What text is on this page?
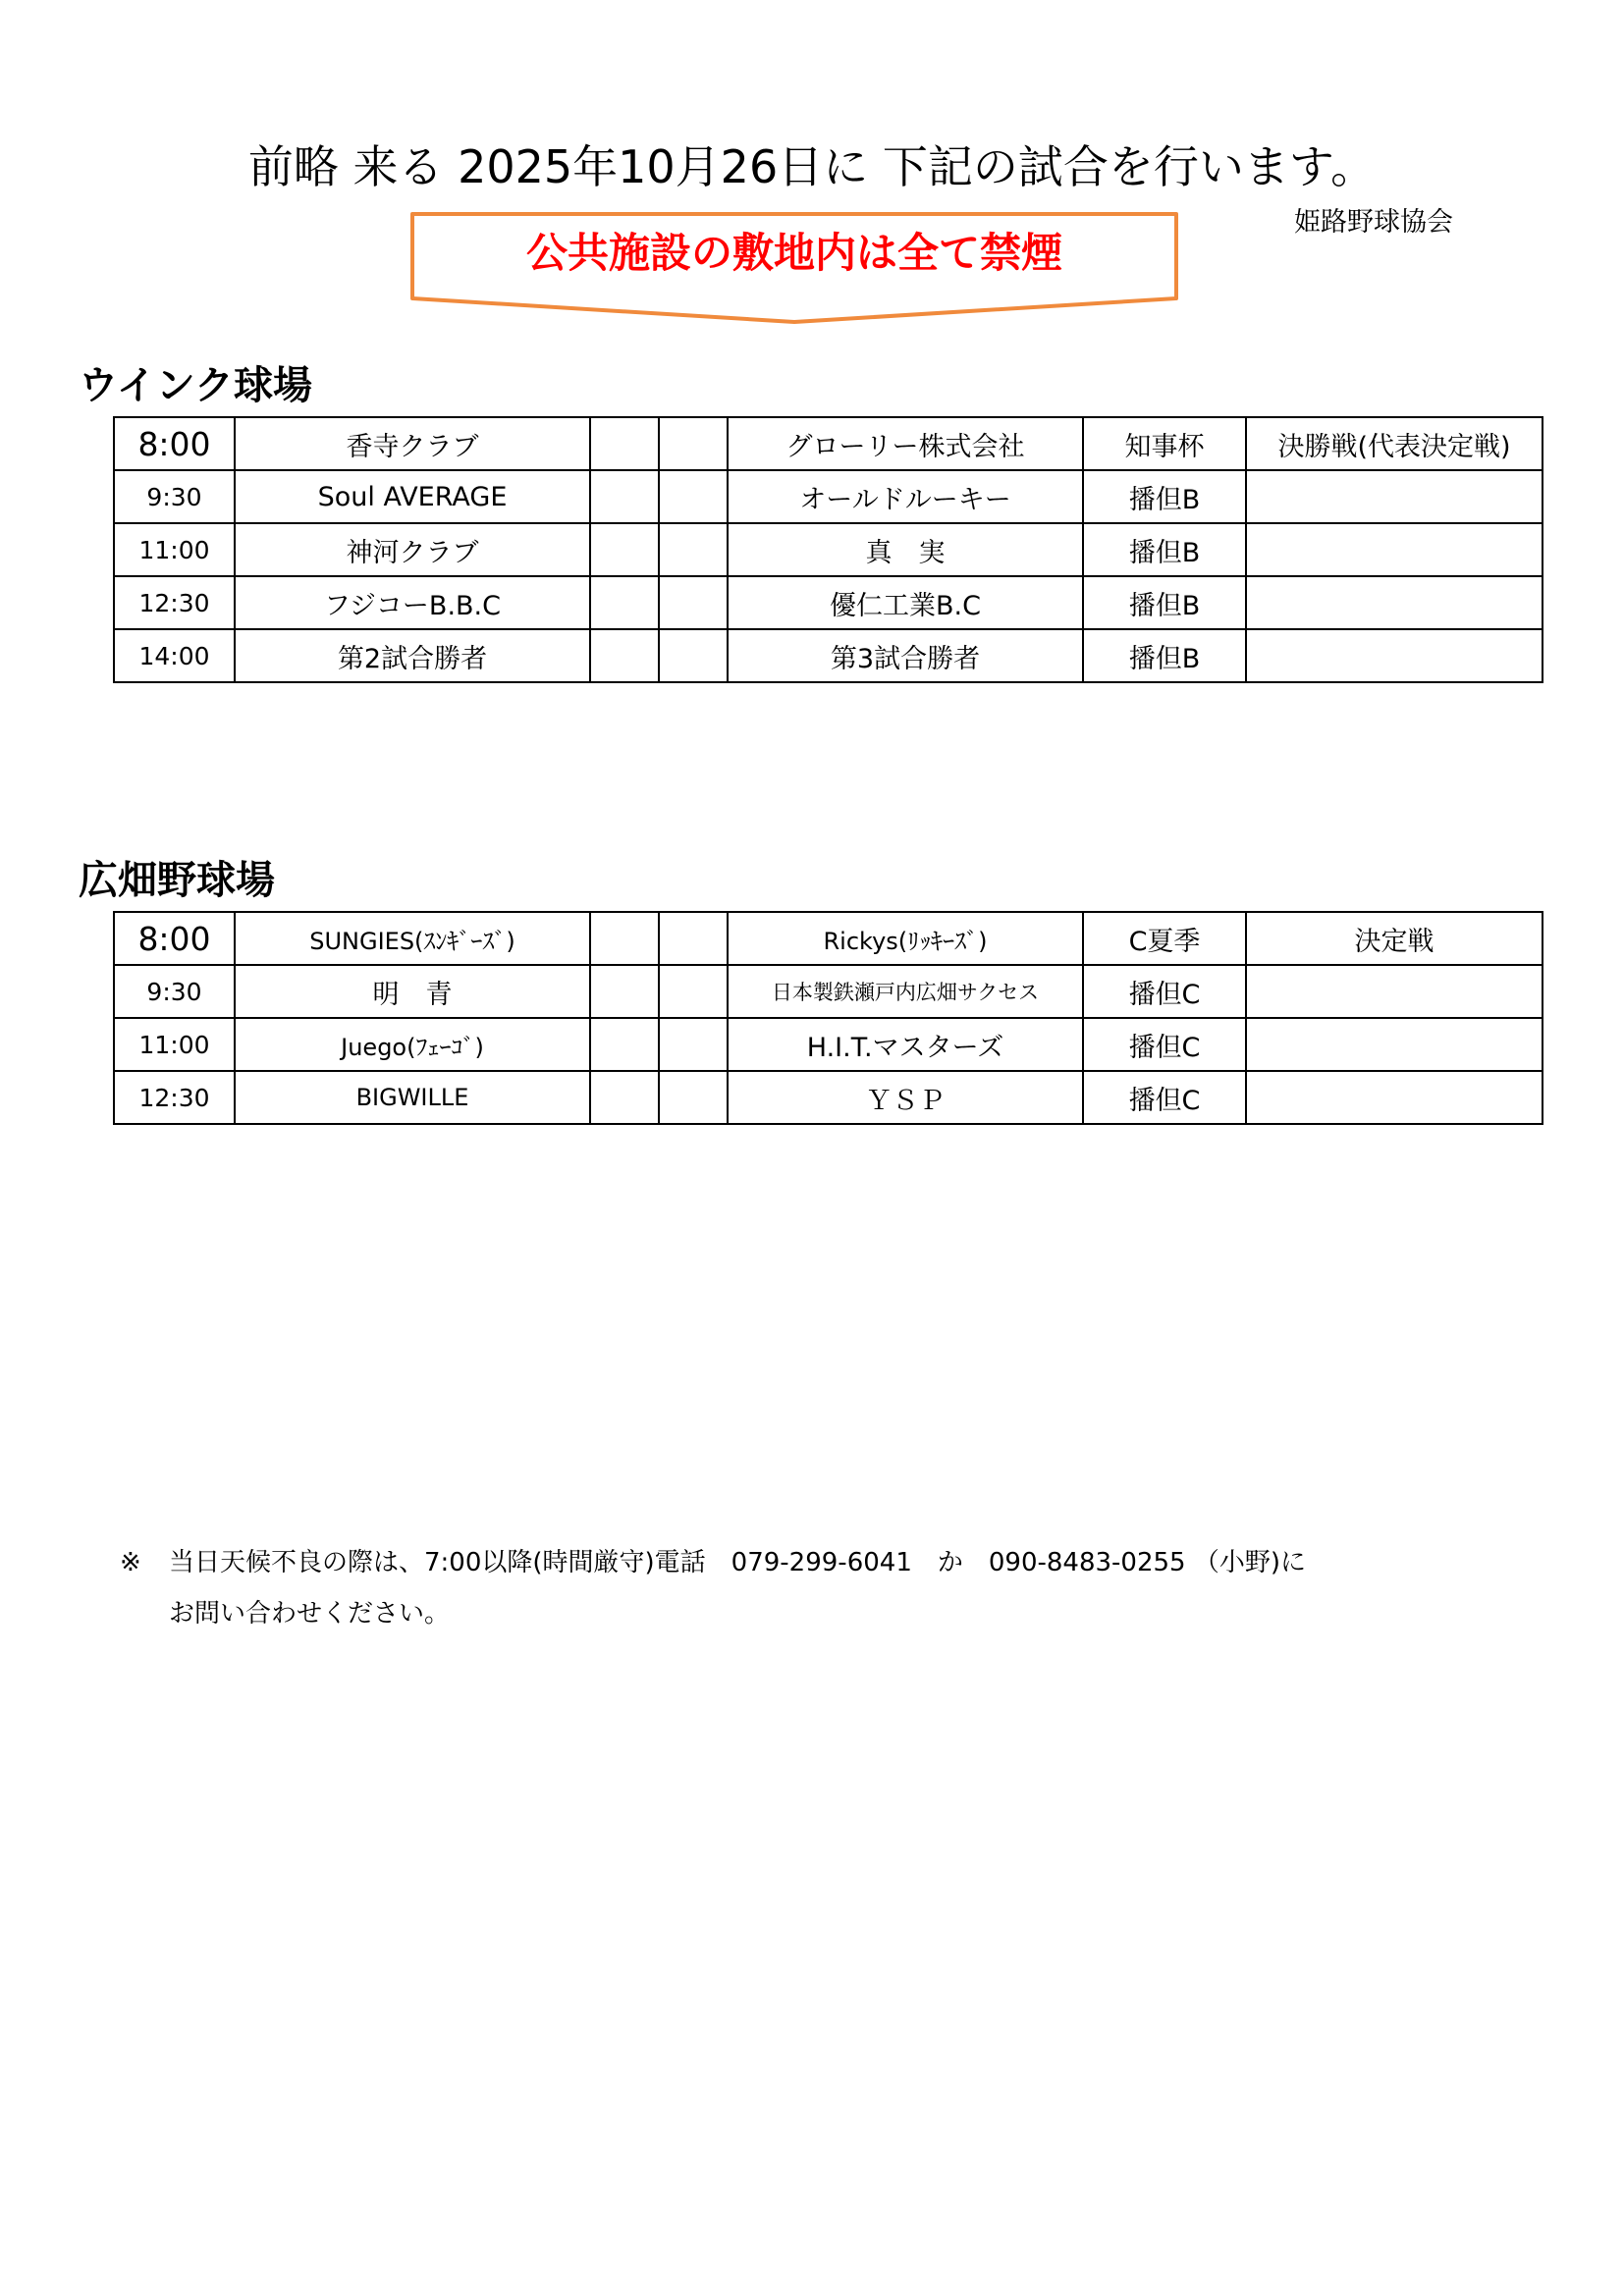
前略 来る 2025年10月26日に 下記の試合を行います。
姫路野球協会
公共施設の敷地内は全て禁煙
ウインク球場
8:00	香寺クラブ			グローリー株式会社	知事杯	決勝戦(代表決定戦)
9:30	Soul AVERAGE			オールドルーキー	播但B	
11:00	神河クラブ			真　実	播但B	
12:30	フジコーB.B.C			優仁工業B.C	播但B	
14:00	第2試合勝者			第3試合勝者	播但B	
広畑野球場
8:00	SUNGIES(ｽﾝｷﾞｰｽﾞ)			Rickys(ﾘｯｷｰｽﾞ)	C夏季	決定戦
9:30	明　青			日本製鉄瀬戸内広畑サクセス	播但C	
11:00	Juego(ﾌｪｰｺﾞ)			H.I.T.マスターズ	播但C	
12:30	BIGWILLE			ＹＳＰ	播但C	
※ 当日天候不良の際は、7:00以降(時間厳守)電話　079-299-6041　か　090-8483-0255 （小野)に
お問い合わせください。
